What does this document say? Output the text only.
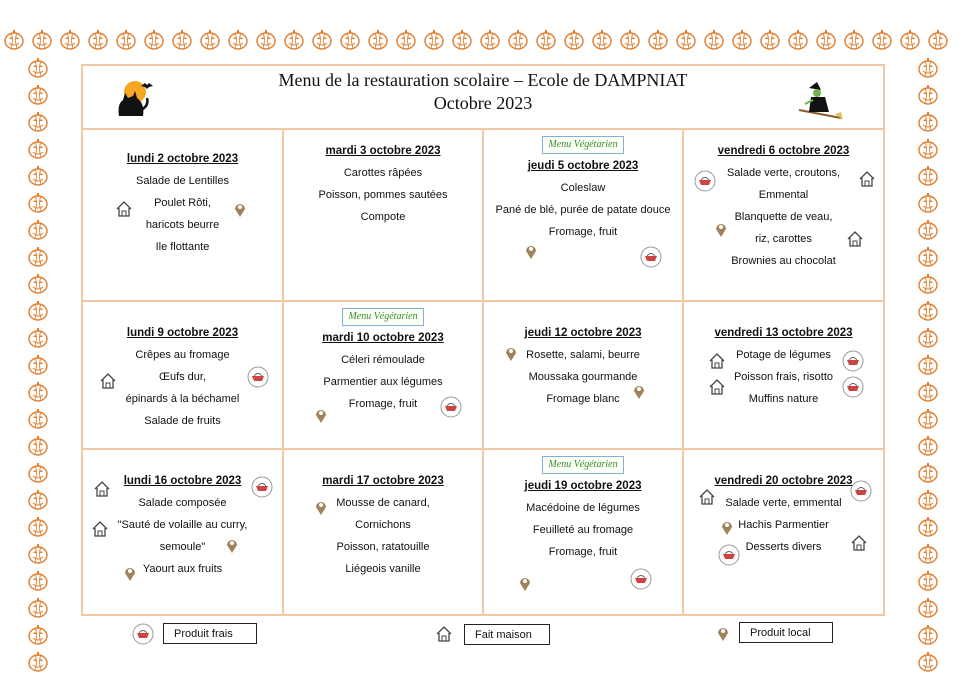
Menu de la restauration scolaire – Ecole de DAMPNIAT
Octobre 2023
lundi 2 octobre 2023
Salade de Lentilles
Poulet Rôti,
haricots beurre
Ile flottante
mardi 3 octobre 2023
Carottes râpées
Poisson, pommes sautées
Compote
Menu Végétarien
jeudi 5 octobre 2023
Coleslaw
Pané de blé, purée de patate douce
Fromage, fruit
vendredi 6 octobre 2023
Salade verte, croutons,
Emmental
Blanquette de veau,
riz, carottes
Brownies au chocolat
lundi 9 octobre 2023
Crêpes au fromage
Œufs dur,
épinards à la béchamel
Salade de fruits
Menu Végétarien
mardi 10 octobre 2023
Céleri rémoulade
Parmentier aux légumes
Fromage, fruit
jeudi 12 octobre 2023
Rosette, salami, beurre
Moussaka gourmande
Fromage blanc
vendredi 13 octobre 2023
Potage de légumes
Poisson frais, risotto
Muffins nature
lundi 16 octobre 2023
Salade composée
"Sauté de volaille au curry,
semoule"
Yaourt aux fruits
mardi 17 octobre 2023
Mousse de canard,
Cornichons
Poisson, ratatouille
Liégeois vanille
Menu Végétarien
jeudi 19 octobre 2023
Macédoine de légumes
Feuilleté au fromage
Fromage, fruit
vendredi 20 octobre 2023
Salade verte, emmental
Hachis Parmentier
Desserts divers
Produit frais	Fait maison	Produit local
